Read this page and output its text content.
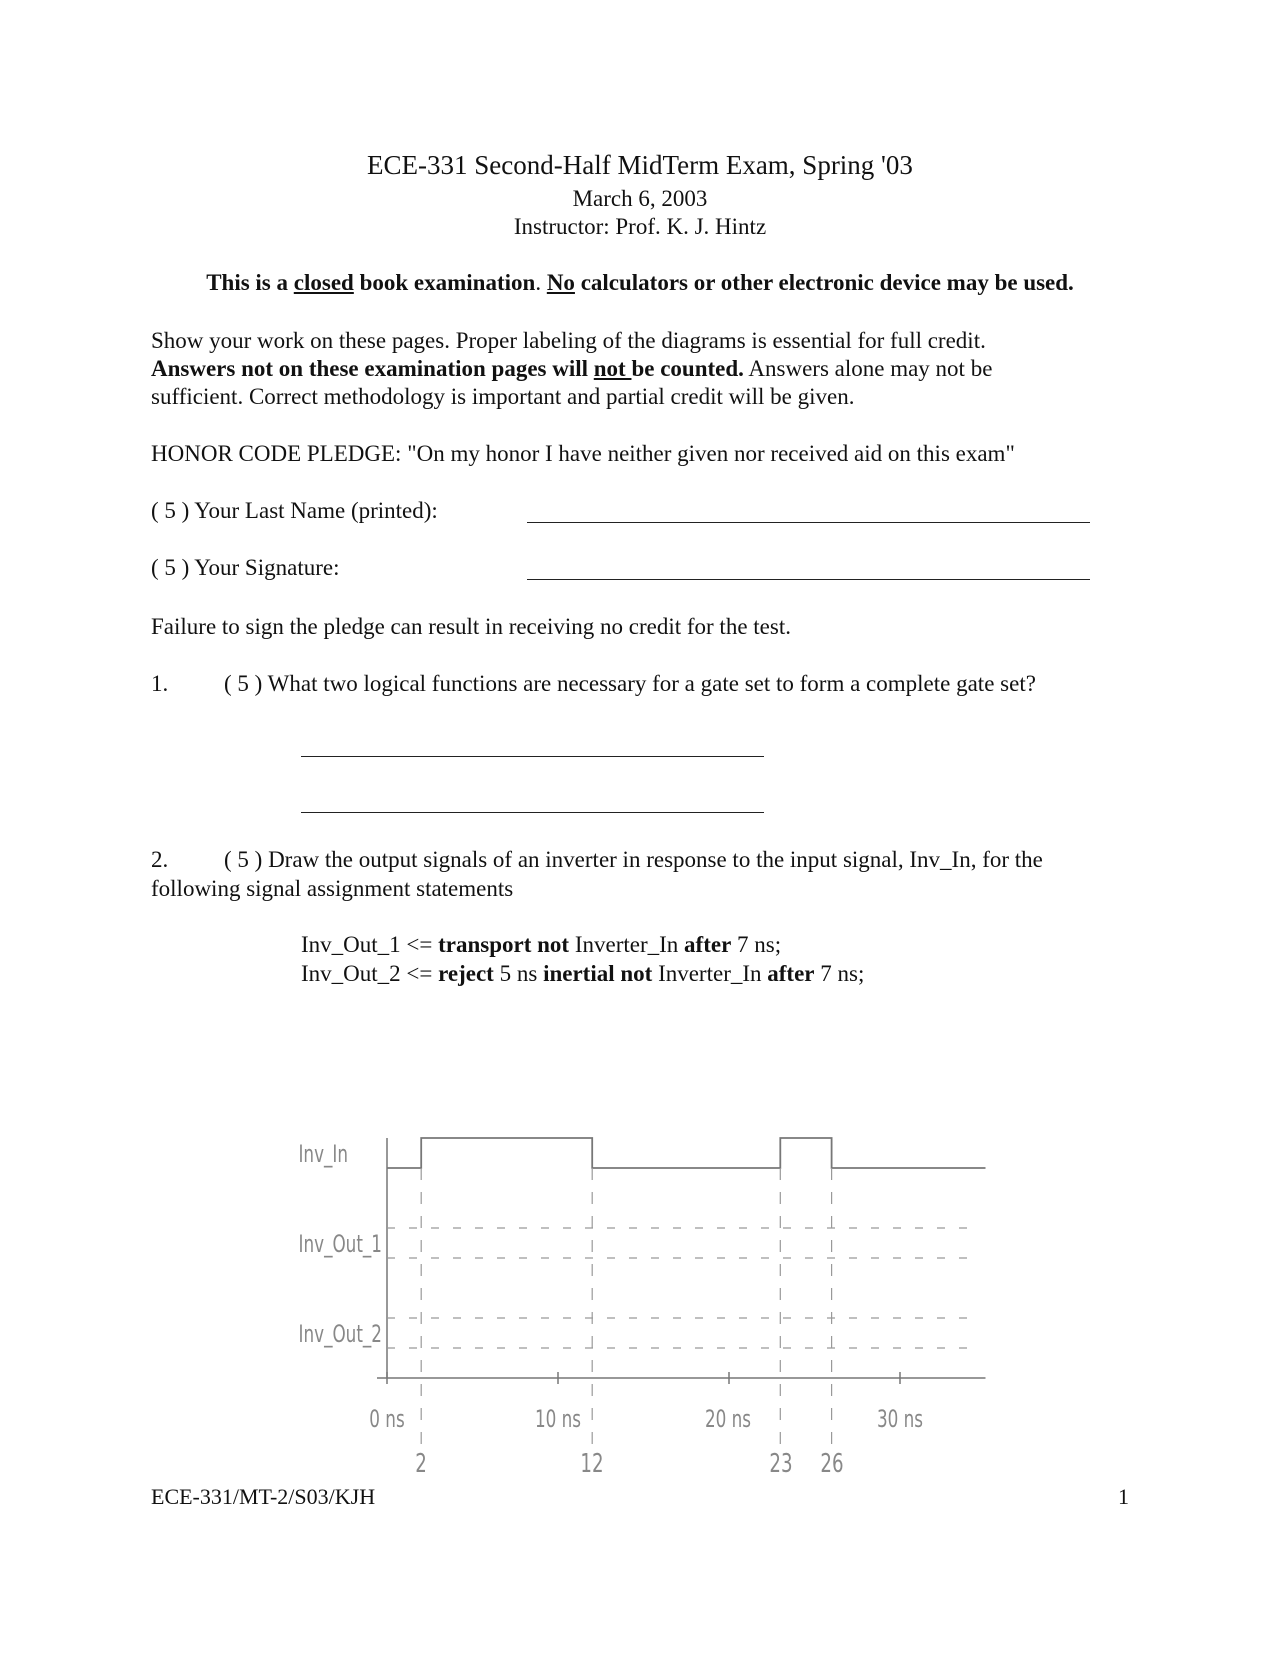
ECE-331 Second-Half MidTerm Exam, Spring '03
March 6, 2003
Instructor: Prof. K. J. Hintz
This is a closed book examination. No calculators or other electronic device may be used.
Show your work on these pages. Proper labeling of the diagrams is essential for full credit.
Answers not on these examination pages will not be counted. Answers alone may not be
sufficient. Correct methodology is important and partial credit will be given.
HONOR CODE PLEDGE: "On my honor I have neither given nor received aid on this exam"
( 5 ) Your Last Name (printed):
( 5 ) Your Signature:
Failure to sign the pledge can result in receiving no credit for the test.
1. ( 5 ) What two logical functions are necessary for a gate set to form a complete gate set?
2. ( 5 ) Draw the output signals of an inverter in response to the input signal, Inv_In, for the
following signal assignment statements
Inv_Out_1 <= transport not Inverter_In after 7 ns;
Inv_Out_2 <= reject 5 ns inertial not Inverter_In after 7 ns;
Inv_In
Inv_Out_1
Inv_Out_2
0 ns	10 ns	20 ns	30 ns
2	12	23 26
ECE-331/MT-2/S03/KJH	1
